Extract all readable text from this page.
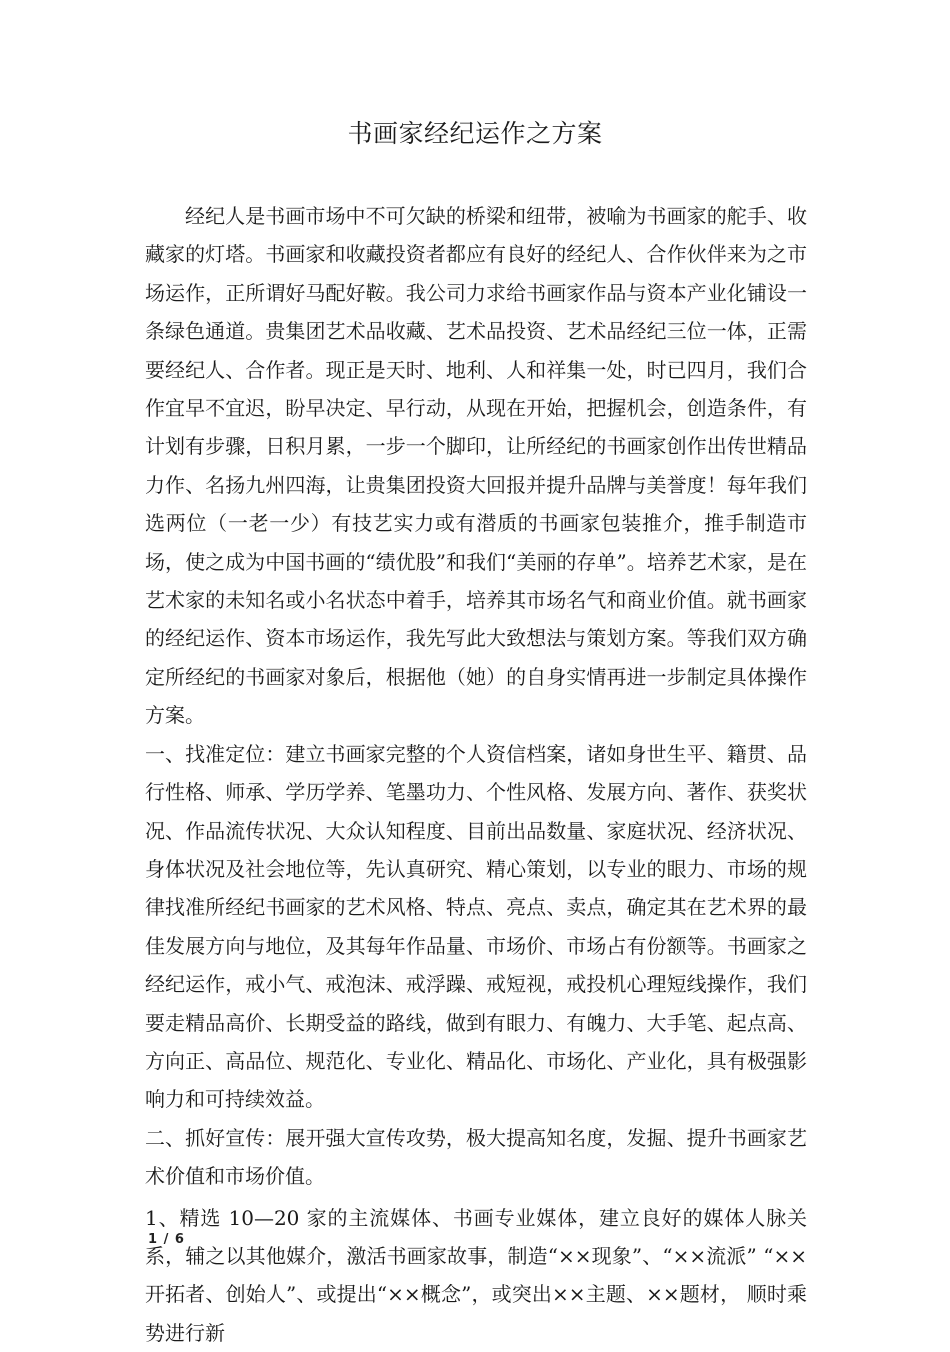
书画家经纪运作之方案

经纪人是书画市场中不可欠缺的桥梁和纽带，被喻为书画家的舵手、收藏家的灯塔。书画家和收藏投资者都应有良好的经纪人、合作伙伴来为之市场运作，正所谓好马配好鞍。我公司力求给书画家作品与资本产业化铺设一条绿色通道。贵集团艺术品收藏、艺术品投资、艺术品经纪三位一体，正需要经纪人、合作者。现正是天时、地利、人和祥集一处，时已四月，我们合作宜早不宜迟，盼早决定、早行动，从现在开始，把握机会，创造条件，有计划有步骤，日积月累，一步一个脚印，让所经纪的书画家创作出传世精品力作、名扬九州四海，让贵集团投资大回报并提升品牌与美誉度！每年我们选两位（一老一少）有技艺实力或有潜质的书画家包装推介，推手制造市场，使之成为中国书画的“绩优股”和我们“美丽的存单”。培养艺术家，是在艺术家的未知名或小名状态中着手，培养其市场名气和商业价值。就书画家的经纪运作、资本市场运作，我先写此大致想法与策划方案。等我们双方确定所经纪的书画家对象后，根据他（她）的自身实情再进一步制定具体操作方案。

一、找准定位：建立书画家完整的个人资信档案，诸如身世生平、籍贯、品行性格、师承、学历学养、笔墨功力、个性风格、发展方向、著作、获奖状况、作品流传状况、大众认知程度、目前出品数量、家庭状况、经济状况、身体状况及社会地位等，先认真研究、精心策划，以专业的眼力、市场的规律找准所经纪书画家的艺术风格、特点、亮点、卖点，确定其在艺术界的最佳发展方向与地位，及其每年作品量、市场价、市场占有份额等。书画家之经纪运作，戒小气、戒泡沫、戒浮躁、戒短视，戒投机心理短线操作，我们要走精品高价、长期受益的路线，做到有眼力、有魄力、大手笔、起点高、方向正、高品位、规范化、专业化、精品化、市场化、产业化，具有极强影响力和可持续效益。

二、抓好宣传：展开强大宣传攻势，极大提高知名度，发掘、提升书画家艺术价值和市场价值。

1、精选 10—20 家的主流媒体、书画专业媒体，建立良好的媒体人脉关系，辅之以其他媒介，激活书画家故事，制造“××现象”、“××流派” “××开拓者、创始人”、或提出“××概念”，或突出××主题、××题材， 顺时乘势进行新

1 / 6
